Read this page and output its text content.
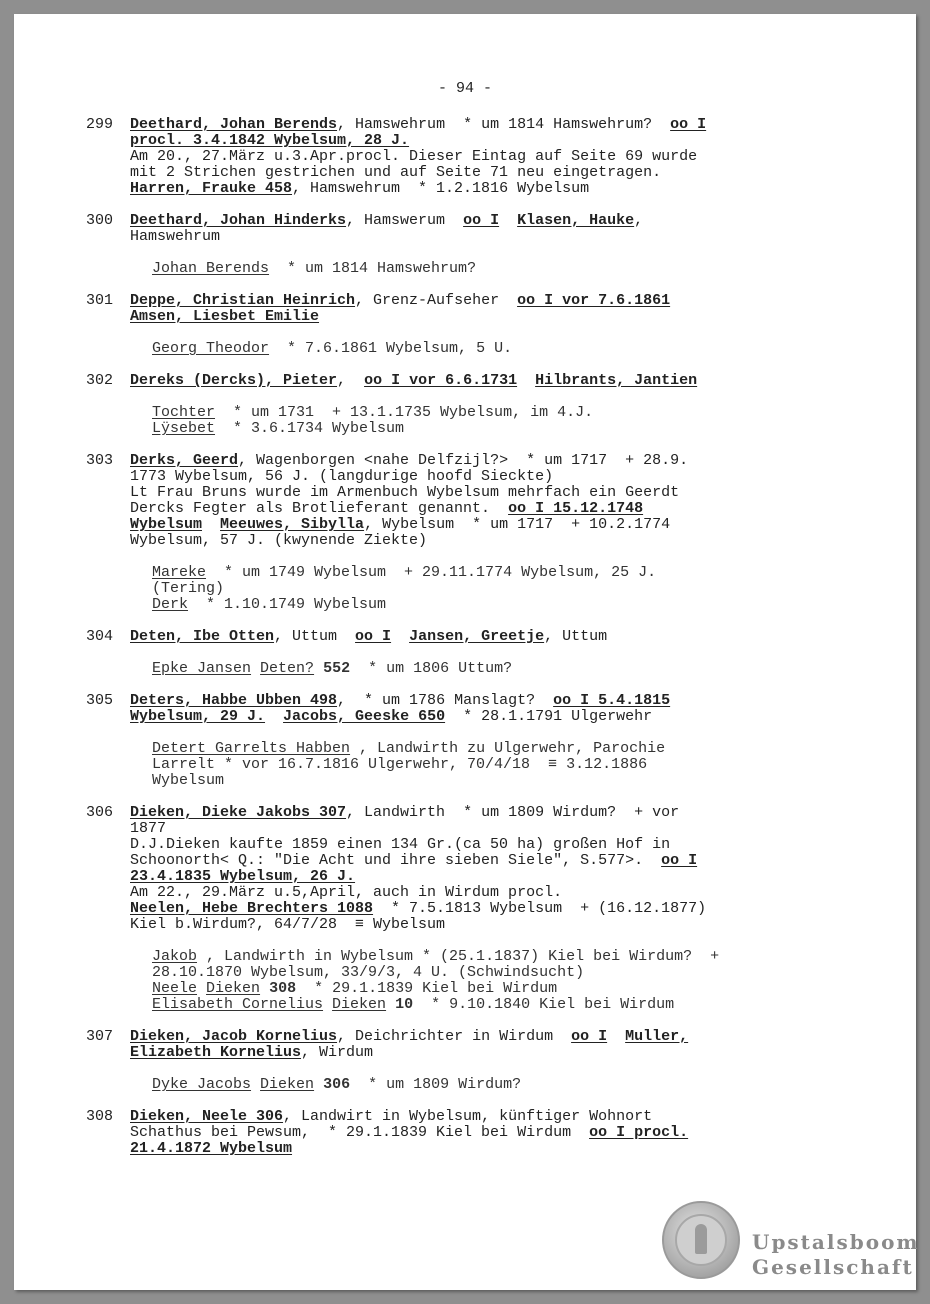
- 94 -
299 Deethard, Johan Berends, Hamswehrum  * um 1814 Hamswehrum?  oo I
procl. 3.4.1842 Wybelsum, 28 J.
Am 20., 27.März u.3.Apr.procl. Dieser Eintag auf Seite 69 wurde
mit 2 Strichen gestrichen und auf Seite 71 neu eingetragen.
Harren, Frauke 458, Hamswehrum  * 1.2.1816 Wybelsum
300 Deethard, Johan Hinderks, Hamswerum  oo I Klasen, Hauke,
Hamswehrum
Johan Berends  * um 1814 Hamswehrum?
301 Deppe, Christian Heinrich, Grenz-Aufseher  oo I vor 7.6.1861
Amsen, Liesbet Emilie
Georg Theodor  * 7.6.1861 Wybelsum, 5 U.
302 Dereks (Dercks), Pieter,  oo I vor 6.6.1731 Hilbrants, Jantien
Tochter  * um 1731  + 13.1.1735 Wybelsum, im 4.J.
Lÿsebet  * 3.6.1734 Wybelsum
303 Derks, Geerd, Wagenborgen <nahe Delfzijl?>  * um 1717  + 28.9.
1773 Wybelsum, 56 J. (langdurige hoofd Sieckte)
Lt Frau Bruns wurde im Armenbuch Wybelsum mehrfach ein Geerdt
Dercks Fegter als Brotlieferant genannt.  oo I 15.12.1748
Wybelsum Meeuwes, Sibylla, Wybelsum  * um 1717  + 10.2.1774
Wybelsum, 57 J. (kwynende Ziekte)
Mareke  * um 1749 Wybelsum  + 29.11.1774 Wybelsum, 25 J.
(Tering)
Derk  * 1.10.1749 Wybelsum
304 Deten, Ibe Otten, Uttum  oo I Jansen, Greetje, Uttum
Epke Jansen Deten? 552  * um 1806 Uttum?
305 Deters, Habbe Ubben 498,  * um 1786 Manslagt?  oo I 5.4.1815
Wybelsum, 29 J. Jacobs, Geeske 650  * 28.1.1791 Ulgerwehr
Detert Garrelts Habben , Landwirth zu Ulgerwehr, Parochie
Larrelt * vor 16.7.1816 Ulgerwehr, 70/4/18  ≡ 3.12.1886
Wybelsum
306 Dieken, Dieke Jakobs 307, Landwirth  * um 1809 Wirdum?  + vor
1877
D.J.Dieken kaufte 1859 einen 134 Gr.(ca 50 ha) großen Hof in
Schoonorth< Q.: "Die Acht und ihre sieben Siele", S.577>.  oo I
23.4.1835 Wybelsum, 26 J.
Am 22., 29.März u.5,April, auch in Wirdum procl.
Neelen, Hebe Brechters 1088  * 7.5.1813 Wybelsum  + (16.12.1877)
Kiel b.Wirdum?, 64/7/28  ≡ Wybelsum
Jakob , Landwirth in Wybelsum * (25.1.1837) Kiel bei Wirdum?  +
28.10.1870 Wybelsum, 33/9/3, 4 U. (Schwindsucht)
Neele Dieken 308  * 29.1.1839 Kiel bei Wirdum
Elisabeth Cornelius Dieken 10  * 9.10.1840 Kiel bei Wirdum
307 Dieken, Jacob Kornelius, Deichrichter in Wirdum  oo I Muller,
Elizabeth Kornelius, Wirdum
Dyke Jacobs Dieken 306  * um 1809 Wirdum?
308 Dieken, Neele 306, Landwirt in Wybelsum, künftiger Wohnort
Schathus bei Pewsum,  * 29.1.1839 Kiel bei Wirdum  oo I procl.
21.4.1872 Wybelsum
Upstalsboom
Gesellschaft
